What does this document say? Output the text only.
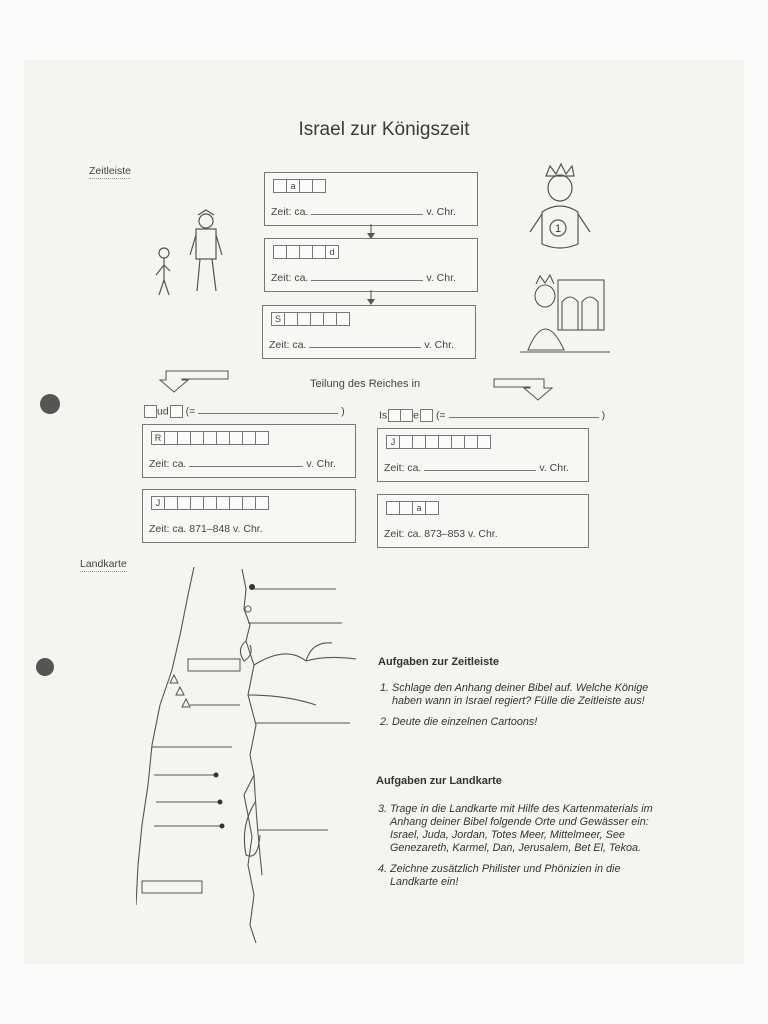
Israel zur Königszeit
Zeitleiste
a
Zeit: ca.	v. Chr.
d
Zeit: ca.	v. Chr.
S
Zeit: ca.	v. Chr.
1
Teilung des Reiches in
ud (=	)	Is e (=	)
R
Zeit: ca.	v. Chr.
J
Zeit: ca. 871–848 v. Chr.
J
Zeit: ca.	v. Chr.
a
Zeit: ca. 873–853 v. Chr.
Landkarte
Aufgaben zur Zeitleiste
1. Schlage den Anhang deiner Bibel auf. Welche Könige haben wann in Israel regiert? Fülle die Zeitleiste aus!
2. Deute die einzelnen Cartoons!
Aufgaben zur Landkarte
3. Trage in die Landkarte mit Hilfe des Kartenmaterials im Anhang deiner Bibel folgende Orte und Gewässer ein: Israel, Juda, Jordan, Totes Meer, Mittelmeer, See Genezareth, Karmel, Dan, Jerusalem, Bet El, Tekoa.
4. Zeichne zusätzlich Philister und Phönizien in die Landkarte ein!
